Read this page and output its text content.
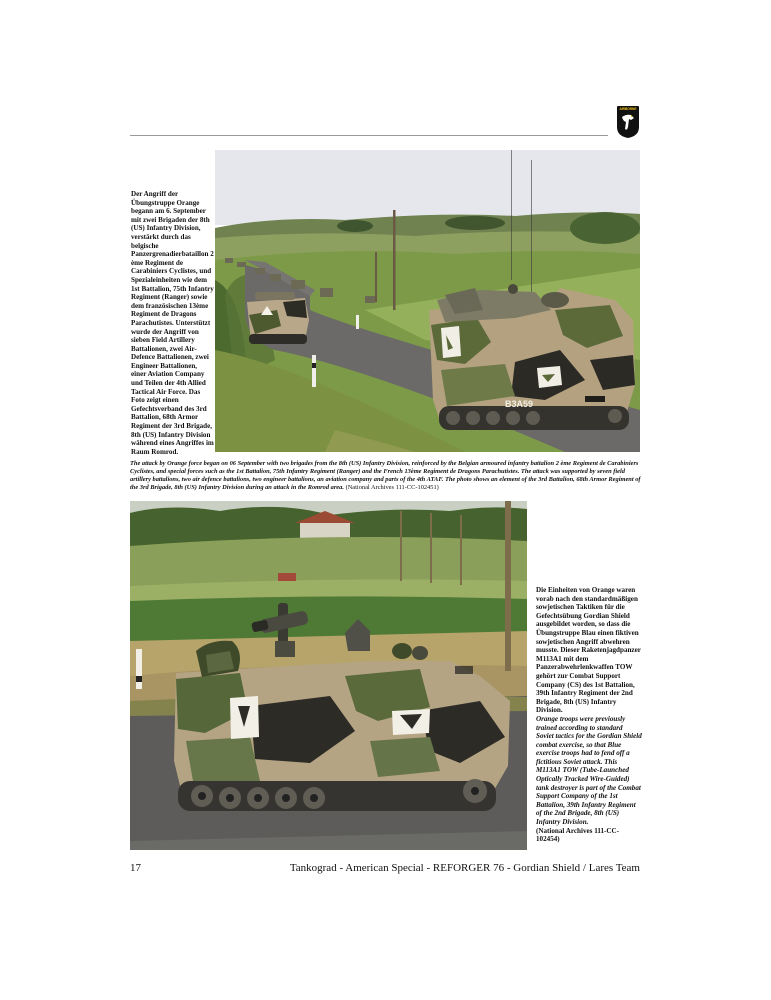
AIRBORNE
B3A59
Der Angriff der Übungstruppe Orange begann am 6. September mit zwei Brigaden der 8th (US) Infantry Division, verstärkt durch das belgische Panzergrenadierbataillon 2 ème Regiment de Carabiniers Cyclistes, und Spezialeinheiten wie dem 1st Battalion, 75th Infantry Regiment (Ranger) sowie dem französischen 13ème Regiment de Dragons Parachutistes. Unterstützt wurde der Angriff von sieben Field Artillery Battalionen, zwei Air-Defence Battalionen, zwei Engineer Battalionen, einer Aviation Company und Teilen der 4th Allied Tactical Air Force. Das Foto zeigt einen Gefechtsverband des 3rd Battalion, 68th Armor Regiment der 3rd Brigade, 8th (US) Infantry Division während eines Angriffes im Raum Romrod.
The attack by Orange force began on 06 September with two brigades from the 8th (US) Infantry Division, reinforced by the Belgian armoured infantry battalion 2 ème Regiment de Carabiniers Cyclistes, and special forces such as the 1st Battalion, 75th Infantry Regiment (Ranger) and the French 13ème Regiment de Dragons Parachutistes. The attack was supported by seven field artillery battalions, two air defence battalions, two engineer battalions, an aviation company and parts of the 4th ATAF. The photo shows an element of the 3rd Battalion, 68th Armor Regiment of the 3rd Brigade, 8th (US) Infantry Division during an attack in the Romrod area. (National Archives 111-CC-102451)
Die Einheiten von Orange waren vorab nach den standardmäßigen sowjetischen Taktiken für die Gefechtsübung Gordian Shield ausgebildet worden, so dass die Übungstruppe Blau einen fiktiven sowjetischen Angriff abwehren musste. Dieser Raketenjagdpanzer M113A1 mit dem Panzerabwehrlenkwaffen TOW gehört zur Combat Support Company (CS) des 1st Battalion, 39th Infantry Regiment der 2nd Brigade, 8th (US) Infantry Division.
Orange troops were previously trained according to standard Soviet tactics for the Gordian Shield combat exercise, so that Blue exercise troops had to fend off a fictitious Soviet attack. This M113A1 TOW (Tube-Launched Optically Tracked Wire-Guided) tank destroyer is part of the Combat Support Company of the 1st Battalion, 39th Infantry Regiment of the 2nd Brigade, 8th (US) Infantry Division.
(National Archives 111-CC-102454)
17	Tankograd - American Special - REFORGER 76 - Gordian Shield / Lares Team
